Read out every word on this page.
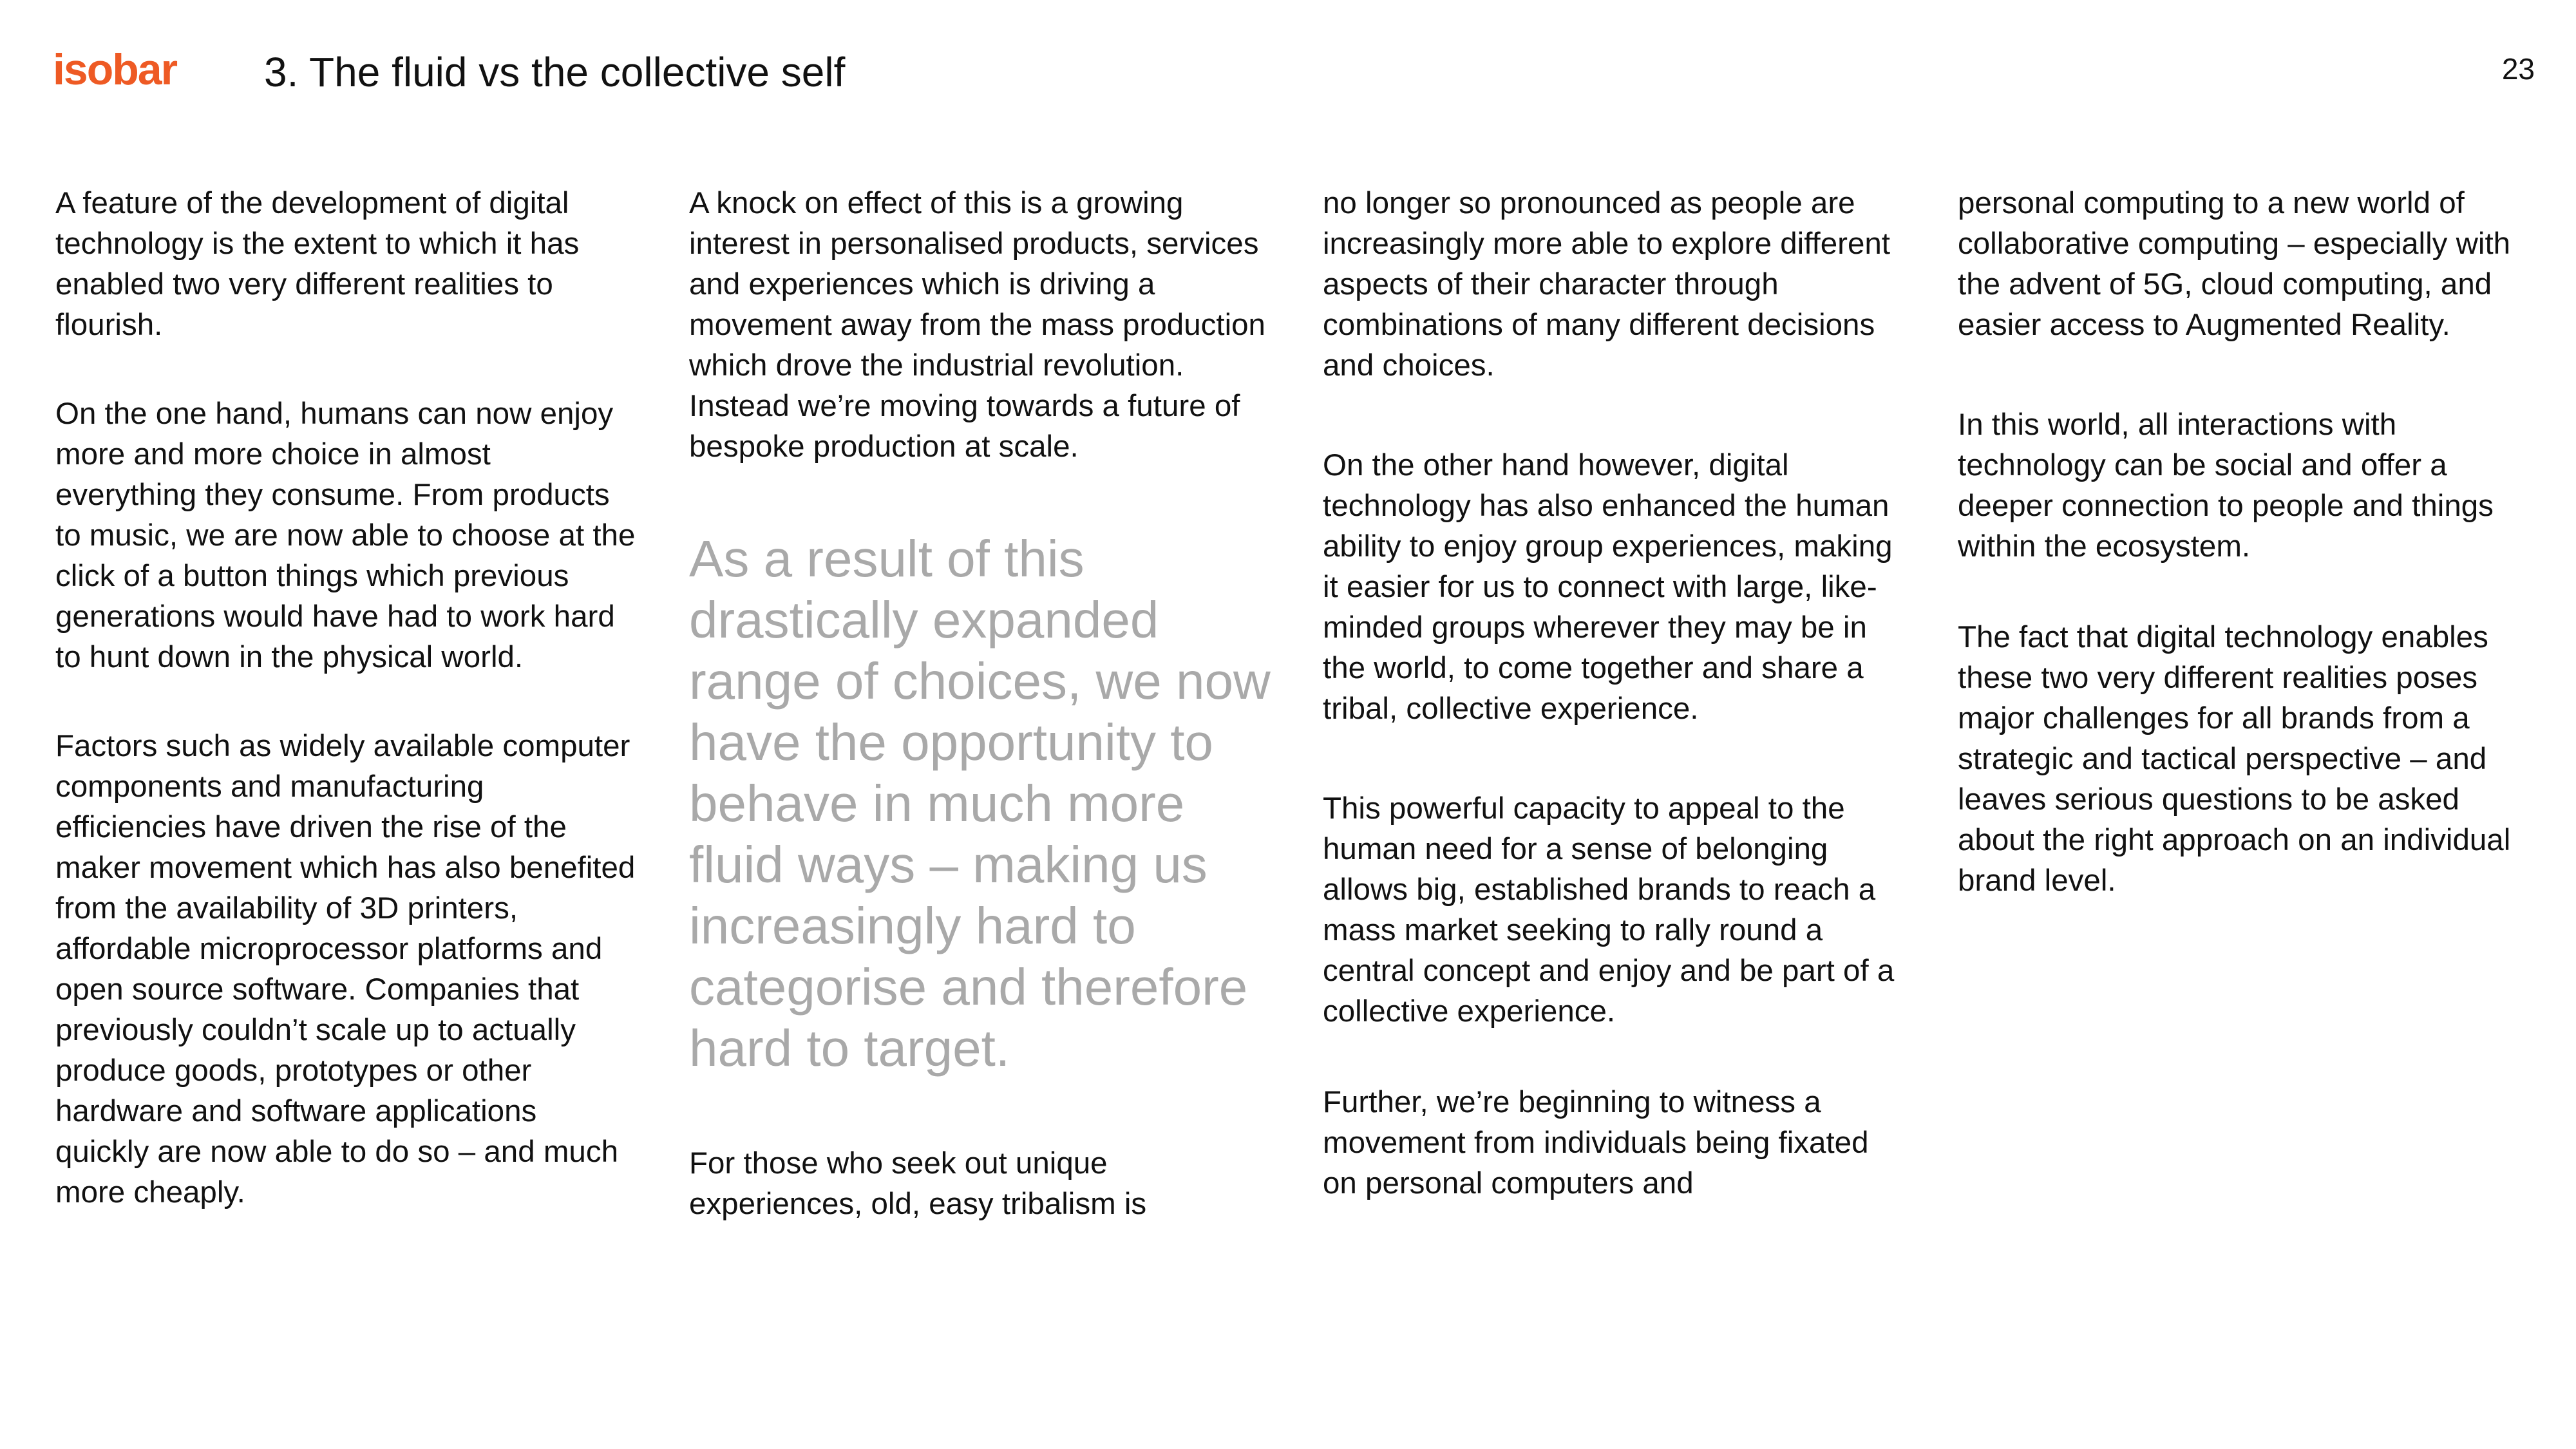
isobar 3. The fluid vs the collective self	23

A feature of the development of digital technology is the extent to which it has enabled two very different realities to flourish.

On the one hand, humans can now enjoy more and more choice in almost everything they consume. From products to music, we are now able to choose at the click of a button things which previous generations would have had to work hard to hunt down in the physical world.

Factors such as widely available computer components and manufacturing efficiencies have driven the rise of the maker movement which has also benefited from the availability of 3D printers, affordable microprocessor platforms and open source software. Companies that previously couldn’t scale up to actually produce goods, prototypes or other hardware and software applications quickly are now able to do so – and much more cheaply.

A knock on effect of this is a growing interest in personalised products, services and experiences which is driving a movement away from the mass production which drove the industrial revolution. Instead we’re moving towards a future of bespoke production at scale.

As a result of this drastically expanded range of choices, we now have the opportunity to behave in much more fluid ways – making us increasingly hard to categorise and therefore hard to target.

For those who seek out unique experiences, old, easy tribalism is

no longer so pronounced as people are increasingly more able to explore different aspects of their character through combinations of many different decisions and choices.

On the other hand however, digital technology has also enhanced the human ability to enjoy group experiences, making it easier for us to connect with large, like-minded groups wherever they may be in the world, to come together and share a tribal, collective experience.

This powerful capacity to appeal to the human need for a sense of belonging allows big, established brands to reach a mass market seeking to rally round a central concept and enjoy and be part of a collective experience.

Further, we’re beginning to witness a movement from individuals being fixated on personal computers and

personal computing to a new world of collaborative computing – especially with the advent of 5G, cloud computing, and easier access to Augmented Reality.

In this world, all interactions with technology can be social and offer a deeper connection to people and things within the ecosystem.

The fact that digital technology enables these two very different realities poses major challenges for all brands from a strategic and tactical perspective – and leaves serious questions to be asked about the right approach on an individual brand level.
